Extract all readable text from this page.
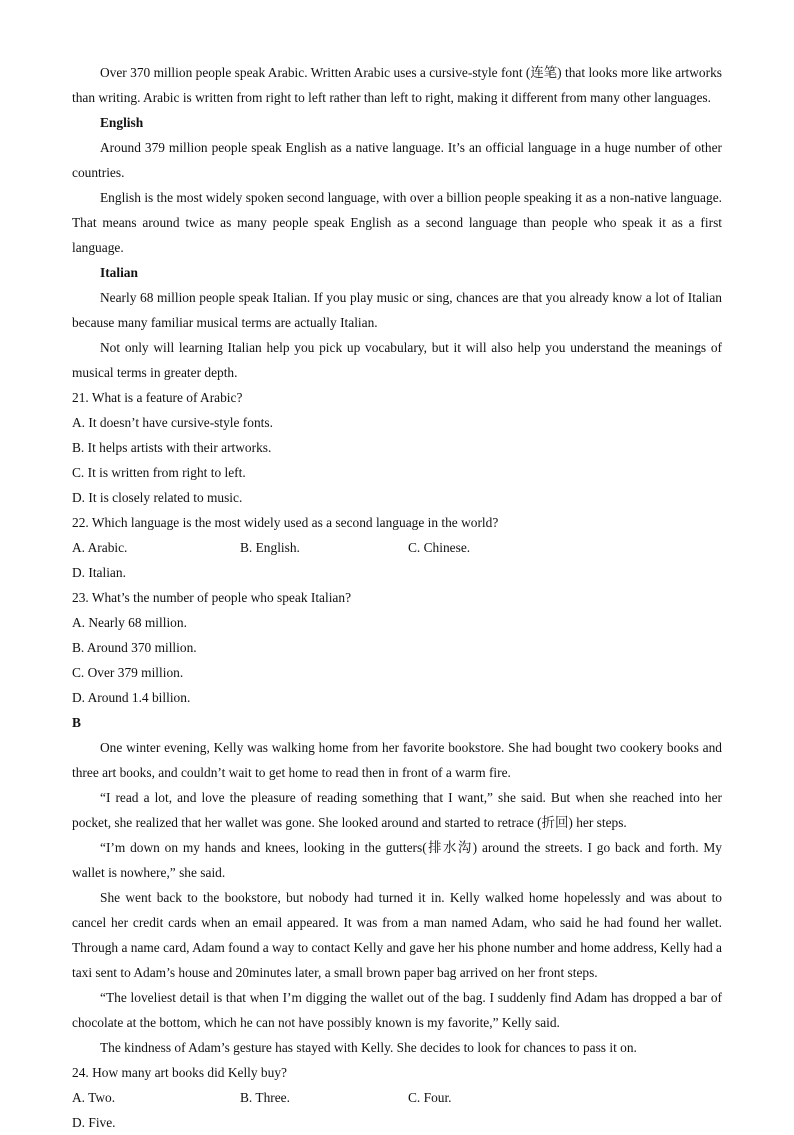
Over 370 million people speak Arabic. Written Arabic uses a cursive-style font (连笔) that looks more like artworks than writing. Arabic is written from right to left rather than left to right, making it different from many other languages.

English

Around 379 million people speak English as a native language. It’s an official language in a huge number of other countries.

English is the most widely spoken second language, with over a billion people speaking it as a non-native language. That means around twice as many people speak English as a second language than people who speak it as a first language.

Italian

Nearly 68 million people speak Italian. If you play music or sing, chances are that you already know a lot of Italian because many familiar musical terms are actually Italian.

Not only will learning Italian help you pick up vocabulary, but it will also help you understand the meanings of musical terms in greater depth.

21. What is a feature of Arabic?

A. It doesn’t have cursive-style fonts.
B. It helps artists with their artworks.
C. It is written from right to left.
D. It is closely related to music.

22. Which language is the most widely used as a second language in the world?

A. Arabic.	B. English.	C. Chinese.
D. Italian.

23. What’s the number of people who speak Italian?

A. Nearly 68 million.
B. Around 370 million.
C. Over 379 million.
D. Around 1.4 billion.

B

One winter evening, Kelly was walking home from her favorite bookstore. She had bought two cookery books and three art books, and couldn’t wait to get home to read then in front of a warm fire.

“I read a lot, and love the pleasure of reading something that I want,” she said. But when she reached into her pocket, she realized that her wallet was gone. She looked around and started to retrace (折回) her steps.

“I’m down on my hands and knees, looking in the gutters(排水沟) around the streets. I go back and forth. My wallet is nowhere,” she said.

She went back to the bookstore, but nobody had turned it in. Kelly walked home hopelessly and was about to cancel her credit cards when an email appeared. It was from a man named Adam, who said he had found her wallet. Through a name card, Adam found a way to contact Kelly and gave her his phone number and home address, Kelly had a taxi sent to Adam’s house and 20minutes later, a small brown paper bag arrived on her front steps.

“The loveliest detail is that when I’m digging the wallet out of the bag. I suddenly find Adam has dropped a bar of chocolate at the bottom, which he can not have possibly known is my favorite,” Kelly said.

The kindness of Adam’s gesture has stayed with Kelly. She decides to look for chances to pass it on.

24. How many art books did Kelly buy?

A. Two.	B. Three.	C. Four.
D. Five.
